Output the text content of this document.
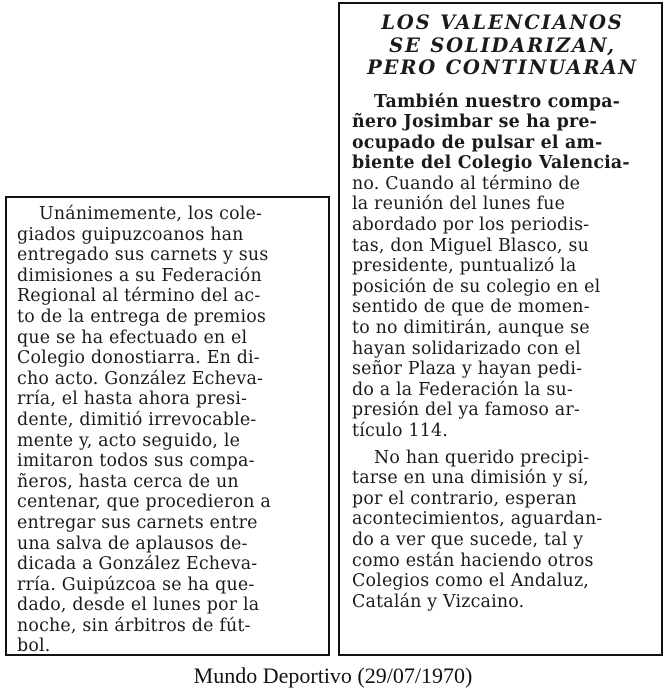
Unánimemente, los cole-
giados guipuzcoanos han
entregado sus carnets y sus
dimisiones a su Federación
Regional al término del ac-
to de la entrega de premios
que se ha efectuado en el
Colegio donostiarra. En di-
cho acto. González Echeva-
rría, el hasta ahora presi-
dente, dimitió irrevocable-
mente y, acto seguido, le
imitaron todos sus compa-
ñeros, hasta cerca de un
centenar, que procedieron a
entregar sus carnets entre
una salva de aplausos de-
dicada a González Echeva-
rría. Guipúzcoa se ha que-
dado, desde el lunes por la
noche, sin árbitros de fút-
bol.

LOS VALENCIANOS
SE SOLIDARIZAN,
PERO CONTINUARAN

También nuestro compa-
ñero Josimbar se ha pre-
ocupado de pulsar el am-
biente del Colegio Valencia-
no. Cuando al término de
la reunión del lunes fue
abordado por los periodis-
tas, don Miguel Blasco, su
presidente, puntualizó la
posición de su colegio en el
sentido de que de momen-
to no dimitirán, aunque se
hayan solidarizado con el
señor Plaza y hayan pedi-
do a la Federación la su-
presión del ya famoso ar-
tículo 114.

No han querido precipi-
tarse en una dimisión y sí,
por el contrario, esperan
acontecimientos, aguardan-
do a ver que sucede, tal y
como están haciendo otros
Colegios como el Andaluz,
Catalán y Vizcaino.

Mundo Deportivo (29/07/1970)
